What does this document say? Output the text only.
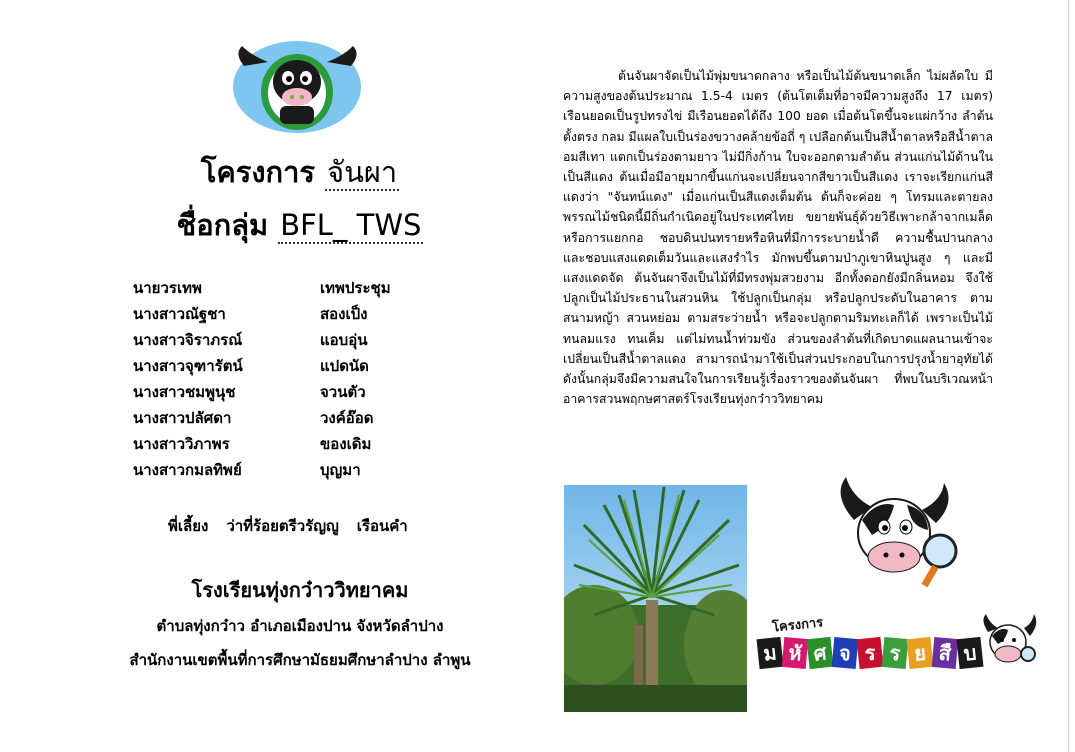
โครงการ จันผา
ชื่อกลุ่ม BFL_ TWS
นายวรเทพ	เทพประชุม
นางสาวณัฐชา	สองเป็ง
นางสาวจิราภรณ์	แอบอุ่น
นางสาวจุฑารัตน์	แปดนัด
นางสาวชมพูนุช	จวนตัว
นางสาวปลัศดา	วงค์อ๊อด
นางสาววิภาพร	ของเดิม
นางสาวกมลทิพย์	บุญมา
พี่เลี้ยง ว่าที่ร้อยตรีวรัญญู เรือนคำ
โรงเรียนทุ่งกว๋าววิทยาคม
ตำบลทุ่งกว๋าว อำเภอเมืองปาน จังหวัดลำปาง
สำนักงานเขตพื้นที่การศึกษามัธยมศึกษาลำปาง ลำพูน
ต้นจันผาจัดเป็นไม้พุ่มขนาดกลาง หรือเป็นไม้ต้นขนาดเล็ก ไม่ผลัดใบ มีความสูงของต้นประมาณ 1.5-4 เมตร (ต้นโตเต็มที่อาจมีความสูงถึง 17 เมตร) เรือนยอดเป็นรูปทรงไข่ มีเรือนยอดได้ถึง 100 ยอด เมื่อต้นโตขึ้นจะแผ่กว้าง ลำต้นตั้งตรง กลม มีแผลใบเป็นร่องขวางคล้ายข้อถี่ ๆ เปลือกต้นเป็นสีน้ำตาลหรือสีน้ำตาลอมสีเทา แตกเป็นร่องตามยาว ไม่มีกิ่งก้าน ใบจะออกตามลำต้น ส่วนแก่นไม้ด้านในเป็นสีแดง ต้นเมื่อมีอายุมากขึ้นแก่นจะเปลี่ยนจากสีขาวเป็นสีแดง เราจะเรียกแก่นสีแดงว่า "จันทน์แดง" เมื่อแก่นเป็นสีแดงเต็มต้น ต้นก็จะค่อย ๆ โทรมและตายลง พรรณไม้ชนิดนี้มีถิ่นกำเนิดอยู่ในประเทศไทย ขยายพันธุ์ด้วยวิธีเพาะกล้าจากเมล็ดหรือการแยกกอ ชอบดินปนทรายหรือหินที่มีการระบายน้ำดี ความชื้นปานกลาง และชอบแสงแดดเต็มวันและแสงรำไร มักพบขึ้นตามป่าภูเขาหินปูนสูง ๆ และมีแสงแดดจัด ต้นจันผาจึงเป็นไม้ที่มีทรงพุ่มสวยงาม อีกทั้งดอกยังมีกลิ่นหอม จึงใช้ปลูกเป็นไม้ประธานในสวนหิน ใช้ปลูกเป็นกลุ่ม หรือปลูกประดับในอาคาร ตามสนามหญ้า สวนหย่อม ตามสระว่ายน้ำ หรือจะปลูกตามริมทะเลก็ได้ เพราะเป็นไม้ทนลมแรง ทนเค็ม แต่ไม่ทนน้ำท่วมขัง ส่วนของลำต้นที่เกิดบาดแผลนานเข้าจะเปลี่ยนเป็นสีน้ำตาลแดง สามารถนำมาใช้เป็นส่วนประกอบในการปรุงน้ำยาอุทัยได้ ดังนั้นกลุ่มจึงมีความสนใจในการเรียนรู้เรื่องราวของต้นจันผา ที่พบในบริเวณหน้าอาคารสวนพฤกษศาสตร์โรงเรียนทุ่งกว๋าววิทยาคม
โครงการ
ม หั ศ จ ร ร ย สื บ
